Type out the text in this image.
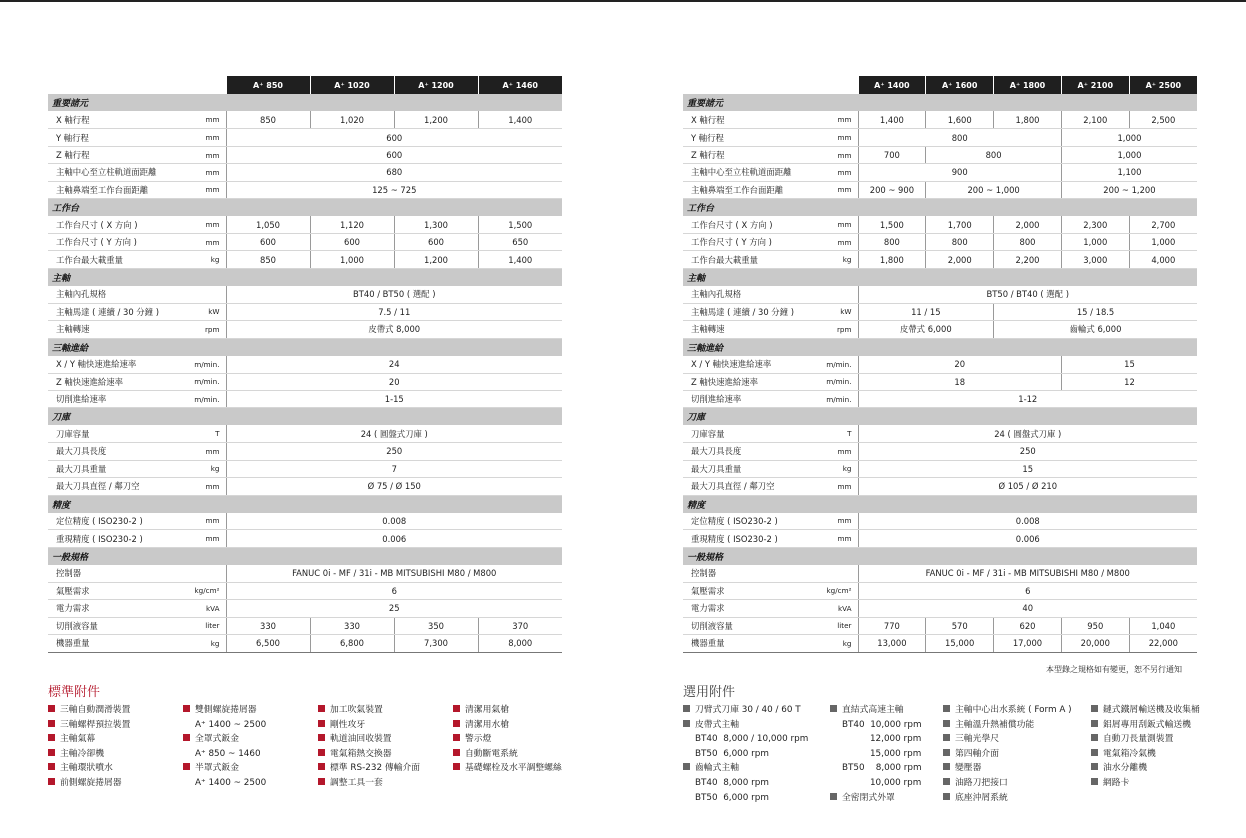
		A⁺ 850	A⁺ 1020	A⁺ 1200	A⁺ 1460
重要諸元					
X 軸行程	mm	850	1,020	1,200	1,400
Y 軸行程	mm	600			
Z 軸行程	mm	600			
主軸中心至立柱軌道面距離	mm	680			
主軸鼻端至工作台面距離	mm	125 ~ 725			
工作台					
工作台尺寸 ( X 方向 )	mm	1,050	1,120	1,300	1,500
工作台尺寸 ( Y 方向 )	mm	600	600	600	650
工作台最大載重量	kg	850	1,000	1,200	1,400
主軸					
主軸內孔規格		BT40 / BT50 ( 選配 )			
主軸馬達 ( 連續 / 30 分鐘 )	kW	7.5 / 11			
主軸轉速	rpm	皮帶式 8,000			
三軸進給					
X / Y 軸快速進給速率	m/min.	24			
Z 軸快速進給速率	m/min.	20			
切削進給速率	m/min.	1-15			
刀庫					
刀庫容量	T	24 ( 圓盤式刀庫 )			
最大刀具長度	mm	250			
最大刀具重量	kg	7			
最大刀具直徑 / 鄰刀空	mm	Ø 75 / Ø 150			
精度					
定位精度 ( ISO230-2 )	mm	0.008			
重現精度 ( ISO230-2 )	mm	0.006			
一般規格					
控制器		FANUC 0i - MF / 31i - MB MITSUBISHI M80 / M800			
氣壓需求	kg/cm²	6			
電力需求	kVA	25			
切削液容量	liter	330	330	350	370
機器重量	kg	6,500	6,800	7,300	8,000
		A⁺ 1400	A⁺ 1600	A⁺ 1800	A⁺ 2100	A⁺ 2500
重要諸元						
X 軸行程	mm	1,400	1,600	1,800	2,100	2,500
Y 軸行程	mm	800			1,000	
Z 軸行程	mm	700	800		1,000	
主軸中心至立柱軌道面距離	mm	900			1,100	
主軸鼻端至工作台面距離	mm	200 ~ 900	200 ~ 1,000		200 ~ 1,200	
工作台						
工作台尺寸 ( X 方向 )	mm	1,500	1,700	2,000	2,300	2,700
工作台尺寸 ( Y 方向 )	mm	800	800	800	1,000	1,000
工作台最大載重量	kg	1,800	2,000	2,200	3,000	4,000
主軸						
主軸內孔規格		BT50 / BT40 ( 選配 )				
主軸馬達 ( 連續 / 30 分鐘 )	kW	11 / 15		15 / 18.5		
主軸轉速	rpm	皮帶式 6,000		齒輪式 6,000		
三軸進給						
X / Y 軸快速進給速率	m/min.	20			15	
Z 軸快速進給速率	m/min.	18			12	
切削進給速率	m/min.	1-12				
刀庫						
刀庫容量	T	24 ( 圓盤式刀庫 )				
最大刀具長度	mm	250				
最大刀具重量	kg	15				
最大刀具直徑 / 鄰刀空	mm	Ø 105 / Ø 210				
精度						
定位精度 ( ISO230-2 )	mm	0.008				
重現精度 ( ISO230-2 )	mm	0.006				
一般規格						
控制器		FANUC 0i - MF / 31i - MB MITSUBISHI M80 / M800				
氣壓需求	kg/cm²	6				
電力需求	kVA	40				
切削液容量	liter	770	570	620	950	1,040
機器重量	kg	13,000	15,000	17,000	20,000	22,000
本型錄之規格如有變更，恕不另行通知
標準附件	選用附件
三軸自動潤滑裝置
三軸螺桿預拉裝置
主軸氣幕
主軸冷卻機
主軸環狀噴水
前側螺旋捲屑器
雙側螺旋捲屑器
A⁺ 1400 ~ 2500
全罩式鈑金
A⁺ 850 ~ 1460
半罩式鈑金
A⁺ 1400 ~ 2500
加工吹氣裝置
剛性攻牙
軌道油回收裝置
電氣箱熱交換器
標準 RS-232 傳輸介面
調整工具一套
清潔用氣槍
清潔用水槍
警示燈
自動斷電系統
基礎螺栓及水平調整螺絲
刀臂式刀庫 30 / 40 / 60 T
皮帶式主軸
BT40  8,000 / 10,000 rpm
BT50  6,000 rpm
齒輪式主軸
BT40  8,000 rpm
BT50  6,000 rpm
直結式高速主軸
BT40  10,000 rpm
12,000 rpm
15,000 rpm
BT50    8,000 rpm
10,000 rpm
全密閉式外罩
主軸中心出水系統 ( Form A )
主軸溫升熱補償功能
三軸光學尺
第四軸介面
變壓器
油路刀把接口
底座沖屑系統
鏈式鐵屑輸送機及收集桶
鋁屑專用刮鈑式輸送機
自動刀長量測裝置
電氣箱冷氣機
油水分離機
網路卡
